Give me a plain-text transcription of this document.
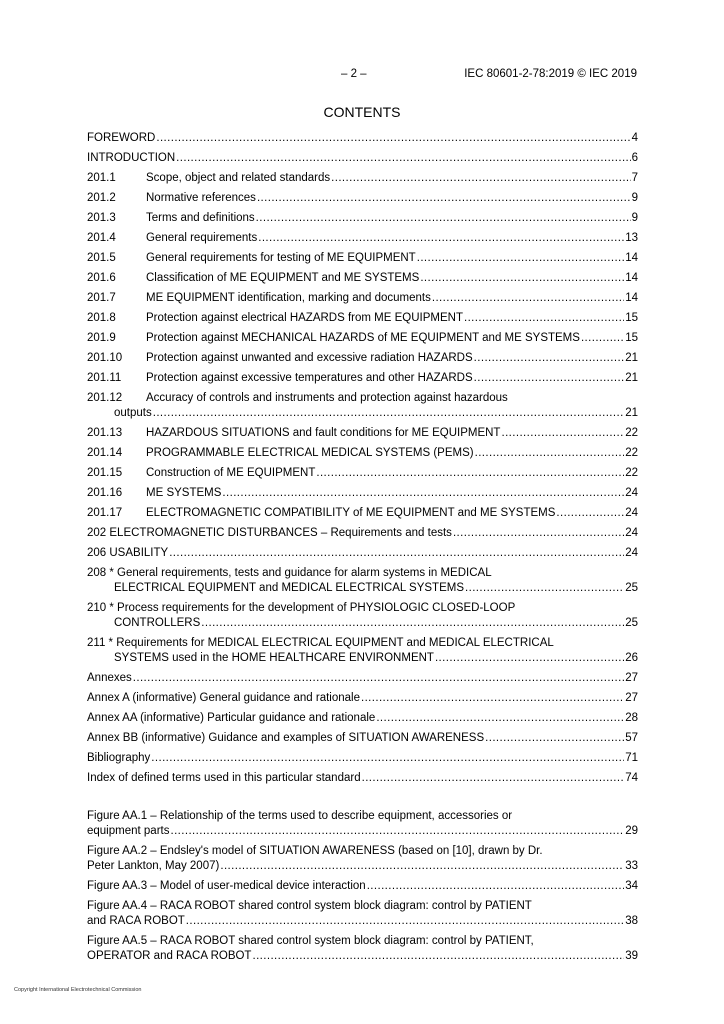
– 2 –	IEC 80601-2-78:2019 © IEC 2019
CONTENTS
FOREWORD .....	4
INTRODUCTION .....	6
201.1	Scope, object and related standards .....	7
201.2	Normative references .....	9
201.3	Terms and definitions .....	9
201.4	General requirements .....	13
201.5	General requirements for testing of ME EQUIPMENT .....	14
201.6	Classification of ME EQUIPMENT and ME SYSTEMS .....	14
201.7	ME EQUIPMENT identification, marking and documents .....	14
201.8	Protection against electrical HAZARDS from ME EQUIPMENT .....	15
201.9	Protection against MECHANICAL HAZARDS of ME EQUIPMENT and ME SYSTEMS .....	15
201.10	Protection against unwanted and excessive radiation HAZARDS .....	21
201.11	Protection against excessive temperatures and other HAZARDS .....	21
201.12	Accuracy of controls and instruments and protection against hazardous
outputs .....	21
201.13	HAZARDOUS SITUATIONS and fault conditions for ME EQUIPMENT .....	22
201.14	PROGRAMMABLE ELECTRICAL MEDICAL SYSTEMS (PEMS) .....	22
201.15	Construction of ME EQUIPMENT .....	22
201.16	ME SYSTEMS .....	24
201.17	ELECTROMAGNETIC COMPATIBILITY of ME EQUIPMENT and ME SYSTEMS .....	24
202 ELECTROMAGNETIC DISTURBANCES – Requirements and tests .....	24
206 USABILITY .....	24
208 * General requirements, tests and guidance for alarm systems in MEDICAL
ELECTRICAL EQUIPMENT and MEDICAL ELECTRICAL SYSTEMS .....	25
210 * Process requirements for the development of PHYSIOLOGIC CLOSED-LOOP
CONTROLLERS .....	25
211 * Requirements for MEDICAL ELECTRICAL EQUIPMENT and MEDICAL ELECTRICAL
SYSTEMS used in the HOME HEALTHCARE ENVIRONMENT .....	26
Annexes .....	27
Annex A (informative) General guidance and rationale .....	27
Annex AA (informative) Particular guidance and rationale .....	28
Annex BB (informative) Guidance and examples of SITUATION AWARENESS .....	57
Bibliography .....	71
Index of defined terms used in this particular standard .....	74
Figure AA.1 – Relationship of the terms used to describe equipment, accessories or
equipment parts .....	29
Figure AA.2 – Endsley's model of SITUATION AWARENESS (based on [10], drawn by Dr.
Peter Lankton, May 2007) .....	33
Figure AA.3 – Model of user-medical device interaction .....	34
Figure AA.4 – RACA ROBOT shared control system block diagram: control by PATIENT
and RACA ROBOT .....	38
Figure AA.5 – RACA ROBOT shared control system block diagram: control by PATIENT,
OPERATOR and RACA ROBOT .....	39
Copyright International Electrotechnical Commission
